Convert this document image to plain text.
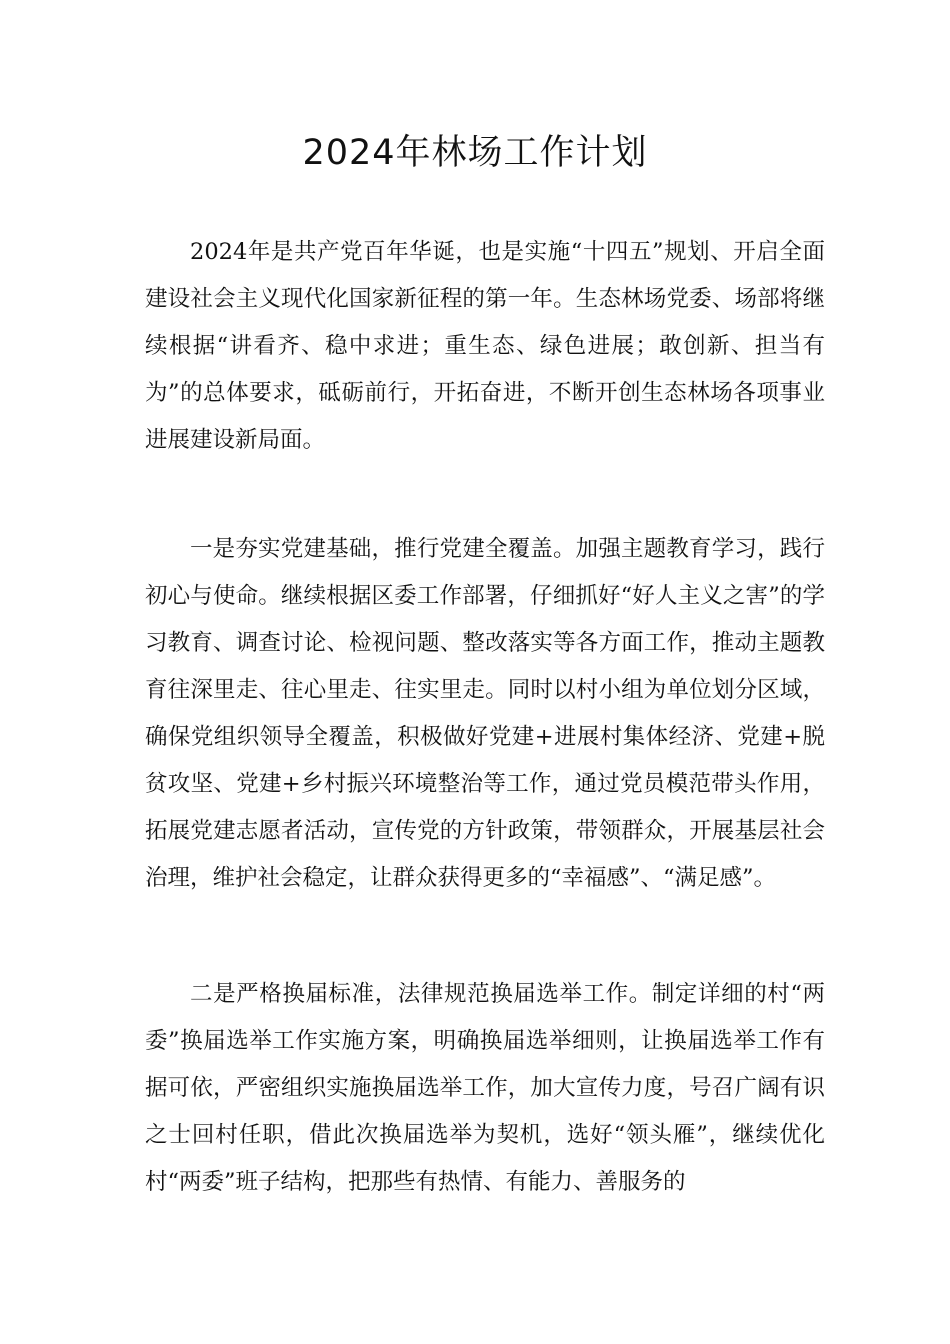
2024年林场工作计划

2024年是共产党百年华诞，也是实施“十四五”规划、开启全面建设社会主义现代化国家新征程的第一年。生态林场党委、场部将继续根据“讲看齐、稳中求进；重生态、绿色进展；敢创新、担当有为”的总体要求，砥砺前行，开拓奋进，不断开创生态林场各项事业进展建设新局面。

一是夯实党建基础，推行党建全覆盖。加强主题教育学习，践行初心与使命。继续根据区委工作部署，仔细抓好“好人主义之害”的学习教育、调查讨论、检视问题、整改落实等各方面工作，推动主题教育往深里走、往心里走、往实里走。同时以村小组为单位划分区域，确保党组织领导全覆盖，积极做好党建+进展村集体经济、党建+脱贫攻坚、党建+乡村振兴环境整治等工作，通过党员模范带头作用，拓展党建志愿者活动，宣传党的方针政策，带领群众，开展基层社会治理，维护社会稳定，让群众获得更多的“幸福感”、“满足感”。

二是严格换届标准，法律规范换届选举工作。制定详细的村“两委”换届选举工作实施方案，明确换届选举细则，让换届选举工作有据可依，严密组织实施换届选举工作，加大宣传力度，号召广阔有识之士回村任职，借此次换届选举为契机，选好“领头雁”，继续优化村“两委”班子结构，把那些有热情、有能力、善服务的
